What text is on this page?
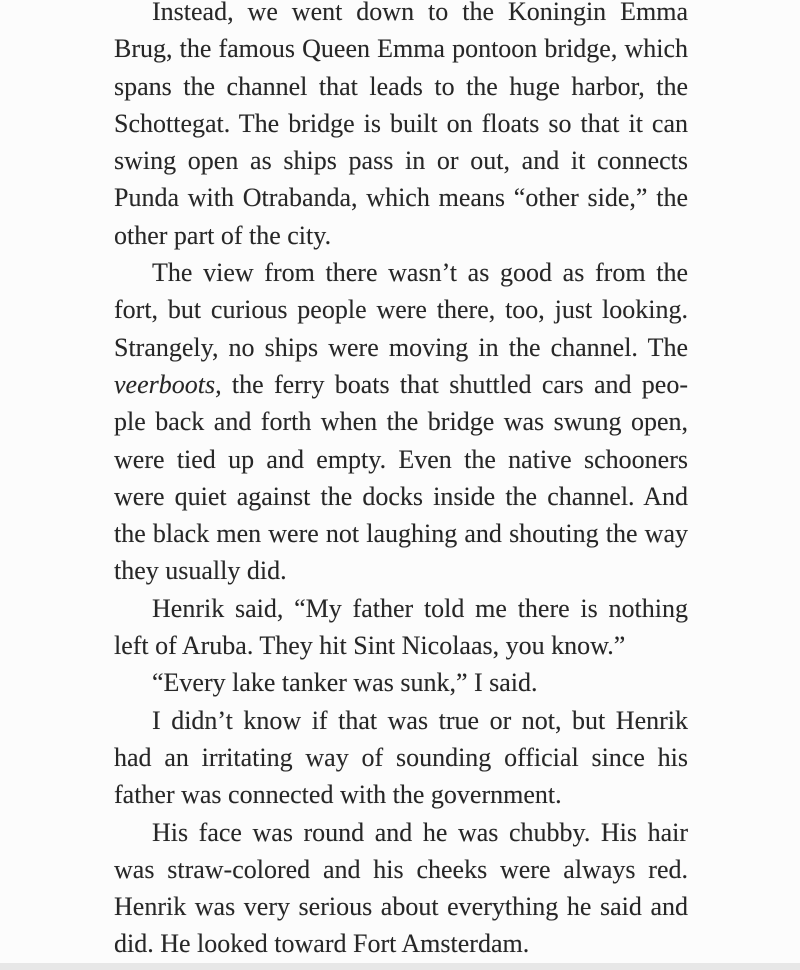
Instead, we went down to the Koningin Emma
Brug, the famous Queen Emma pontoon bridge, which
spans the channel that leads to the huge harbor, the
Schottegat. The bridge is built on floats so that it can
swing open as ships pass in or out, and it connects
Punda with Otrabanda, which means “other side,” the
other part of the city.
The view from there wasn’t as good as from the
fort, but curious people were there, too, just looking.
Strangely, no ships were moving in the channel. The
veerboots, the ferry boats that shuttled cars and peo-
ple back and forth when the bridge was swung open,
were tied up and empty. Even the native schooners
were quiet against the docks inside the channel. And
the black men were not laughing and shouting the way
they usually did.
Henrik said, “My father told me there is nothing
left of Aruba. They hit Sint Nicolaas, you know.”
“Every lake tanker was sunk,” I said.
I didn’t know if that was true or not, but Henrik
had an irritating way of sounding official since his
father was connected with the government.
His face was round and he was chubby. His hair
was straw-colored and his cheeks were always red.
Henrik was very serious about everything he said and
did. He looked toward Fort Amsterdam.
